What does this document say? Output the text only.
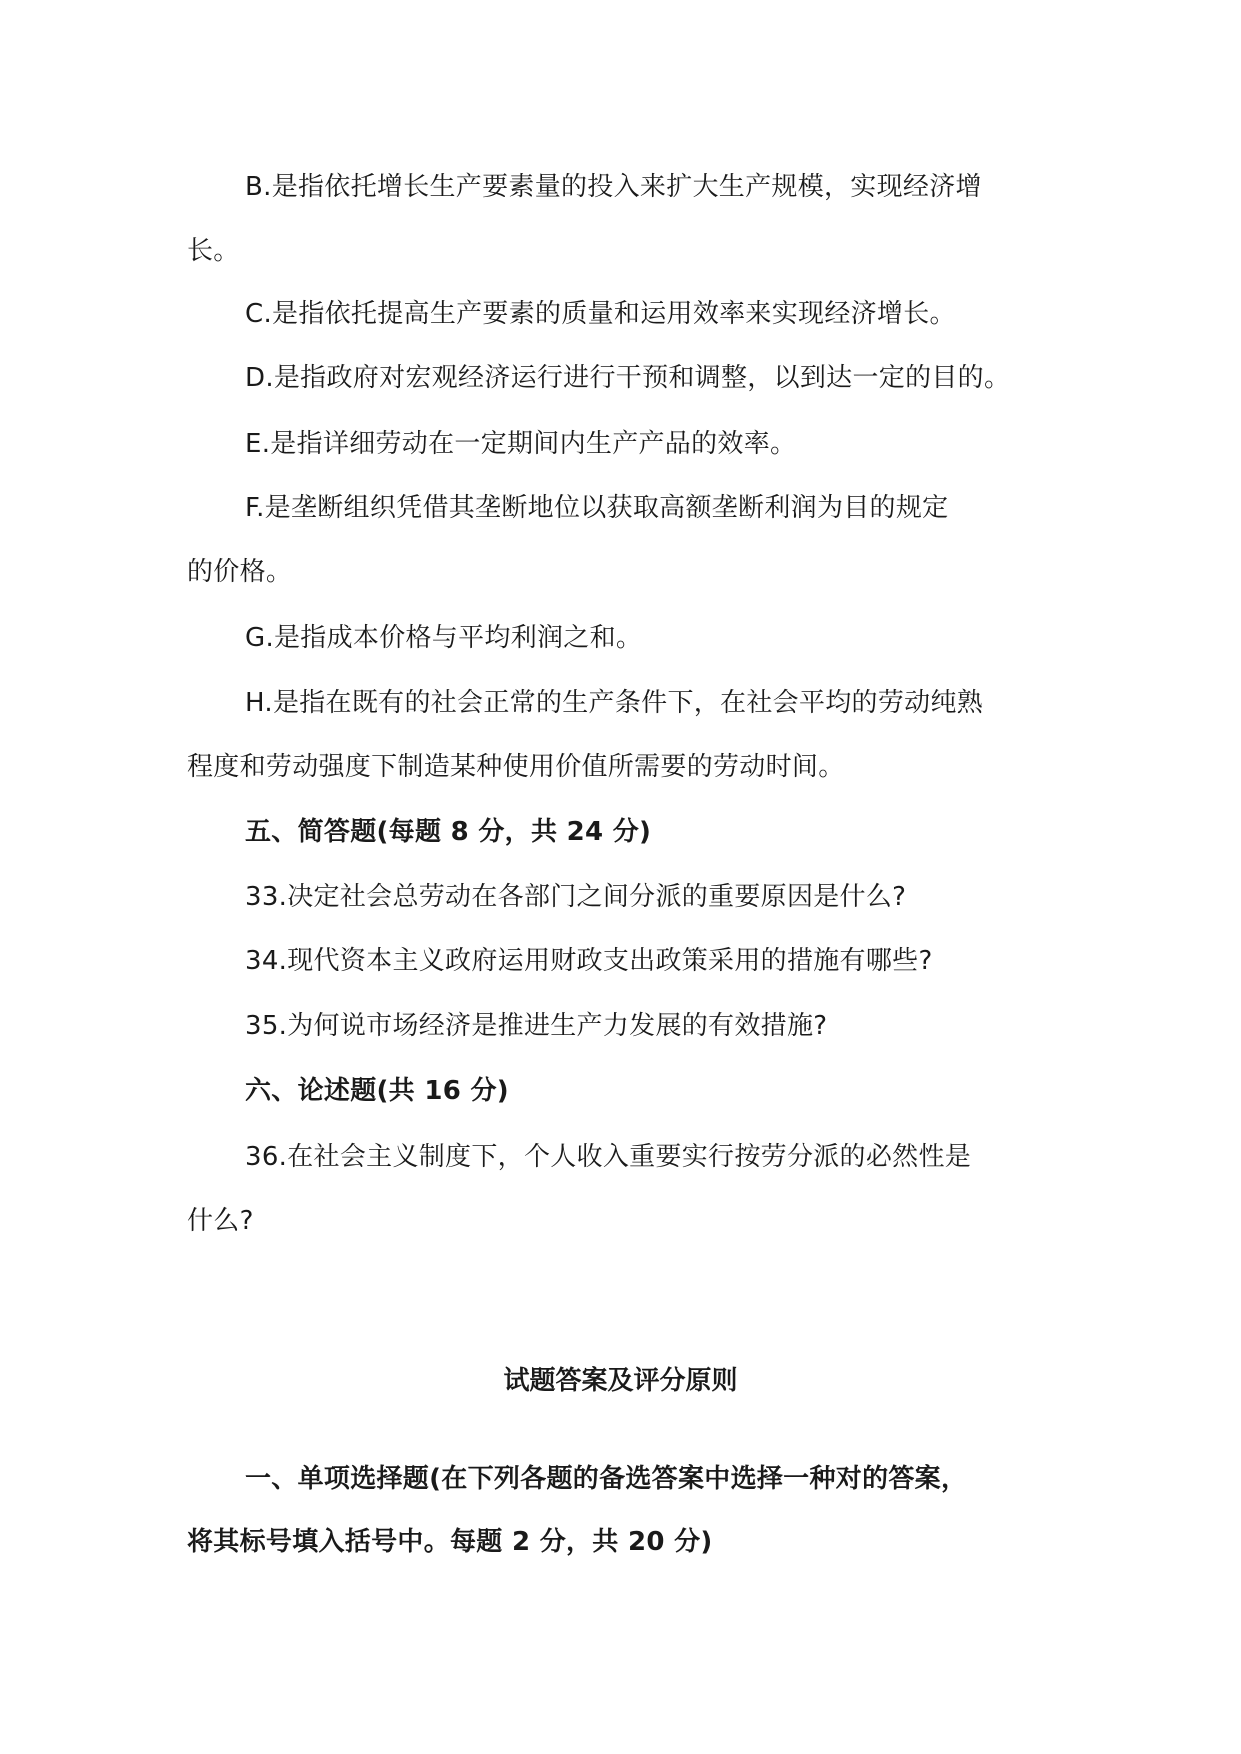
B.是指依托增长生产要素量的投入来扩大生产规模，实现经济增
长。
C.是指依托提高生产要素的质量和运用效率来实现经济增长。
D.是指政府对宏观经济运行进行干预和调整，以到达一定的目的。
E.是指详细劳动在一定期间内生产产品的效率。
F.是垄断组织凭借其垄断地位以获取高额垄断利润为目的规定
的价格。
G.是指成本价格与平均利润之和。
H.是指在既有的社会正常的生产条件下，在社会平均的劳动纯熟
程度和劳动强度下制造某种使用价值所需要的劳动时间。
五、简答题(每题 8 分，共 24 分)
33.决定社会总劳动在各部门之间分派的重要原因是什么?
34.现代资本主义政府运用财政支出政策采用的措施有哪些?
35.为何说市场经济是推进生产力发展的有效措施?
六、论述题(共 16 分)
36.在社会主义制度下，个人收入重要实行按劳分派的必然性是
什么?
试题答案及评分原则
一、单项选择题(在下列各题的备选答案中选择一种对的答案，
将其标号填入括号中。每题 2 分，共 20 分)
